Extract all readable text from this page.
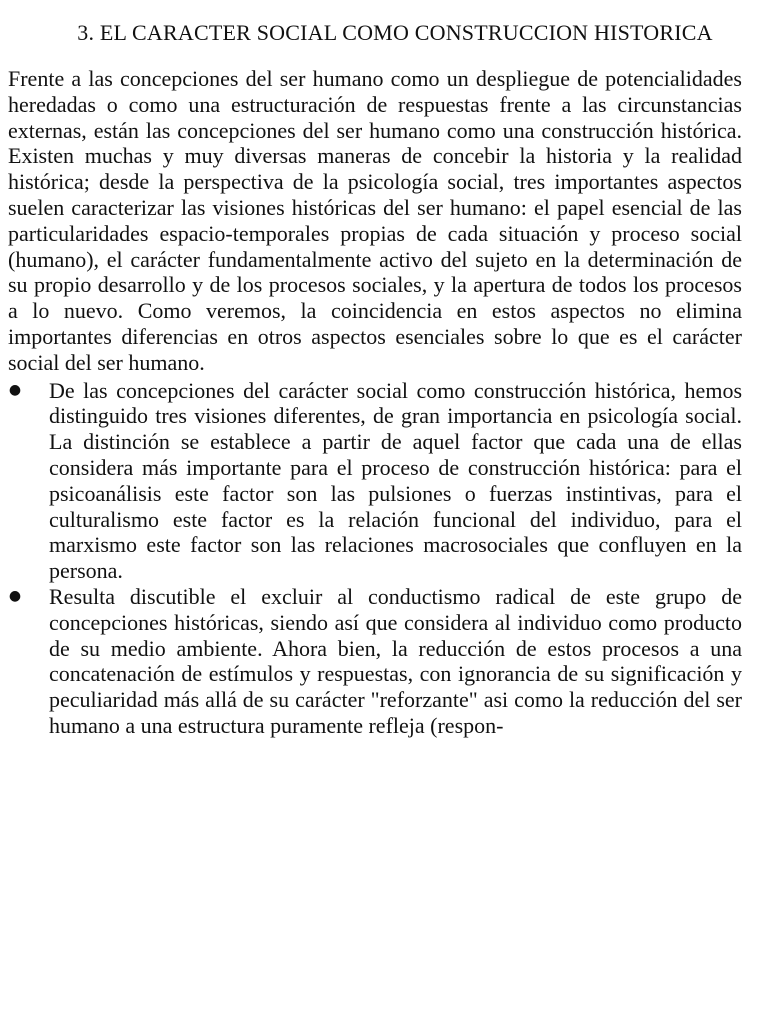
3. EL CARACTER SOCIAL COMO CONSTRUCCION HISTORICA

Frente a las concepciones del ser humano como un despliegue de potencialidades heredadas o como una estructuración de respuestas frente a las circunstancias externas, están las concepciones del ser humano como una construcción histórica. Existen muchas y muy diversas maneras de concebir la historia y la realidad histórica; desde la perspectiva de la psicología social, tres importantes aspectos suelen caracterizar las visiones históricas del ser humano: el papel esencial de las particularidades espacio-temporales propias de cada situación y proceso social (humano), el carácter fundamentalmente activo del sujeto en la determinación de su propio desarrollo y de los procesos sociales, y la apertura de todos los procesos a lo nuevo. Como veremos, la coincidencia en estos aspectos no elimina importantes diferencias en otros aspectos esenciales sobre lo que es el carácter social del ser humano.

● De las concepciones del carácter social como construcción histórica, hemos distinguido tres visiones diferentes, de gran importancia en psicología social. La distinción se establece a partir de aquel factor que cada una de ellas considera más importante para el proceso de construcción histórica: para el psicoanálisis este factor son las pulsiones o fuerzas instintivas, para el culturalismo este factor es la relación funcional del individuo, para el marxismo este factor son las relaciones macrosociales que confluyen en la persona.
● Resulta discutible el excluir al conductismo radical de este grupo de concepciones históricas, siendo así que considera al individuo como producto de su medio ambiente. Ahora bien, la reducción de estos procesos a una concatenación de estímulos y respuestas, con ignorancia de su significación y peculiaridad más allá de su carácter "reforzante" asi como la reducción del ser humano a una estructura puramente refleja (respon-
